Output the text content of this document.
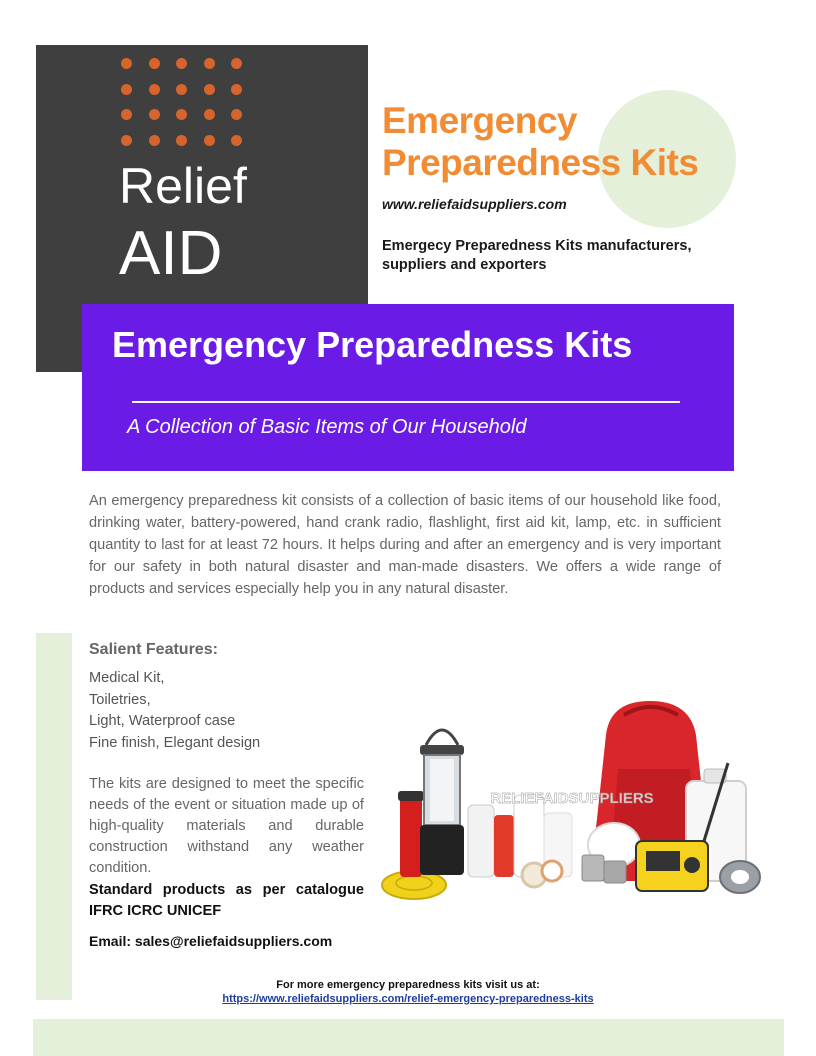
Relief
AID
Emergency Preparedness Kits
www.reliefaidsuppliers.com
Emergecy Preparedness Kits manufacturers, suppliers and exporters
Emergency Preparedness Kits
A Collection of Basic Items of Our Household
An emergency preparedness kit consists of a collection of basic items of our household like food, drinking water, battery-powered, hand crank radio, flashlight, first aid kit, lamp, etc. in sufficient quantity to last for at least 72 hours. It helps during and after an emergency and is very important for our safety in both natural disaster and man-made disasters. We offers a wide range of products and services especially help you in any natural disaster.
Salient Features:
Medical Kit,
Toiletries,
Light, Waterproof case
Fine finish, Elegant design
The kits are designed to meet the specific needs of the event or situation made up of high-quality materials and durable construction withstand any weather condition.
Standard products as per catalogue IFRC ICRC UNICEF
Email: sales@reliefaidsuppliers.com
RELIEFAIDSUPPLIERS
For more emergency preparedness kits visit us at:
https://www.reliefaidsuppliers.com/relief-emergency-preparedness-kits
